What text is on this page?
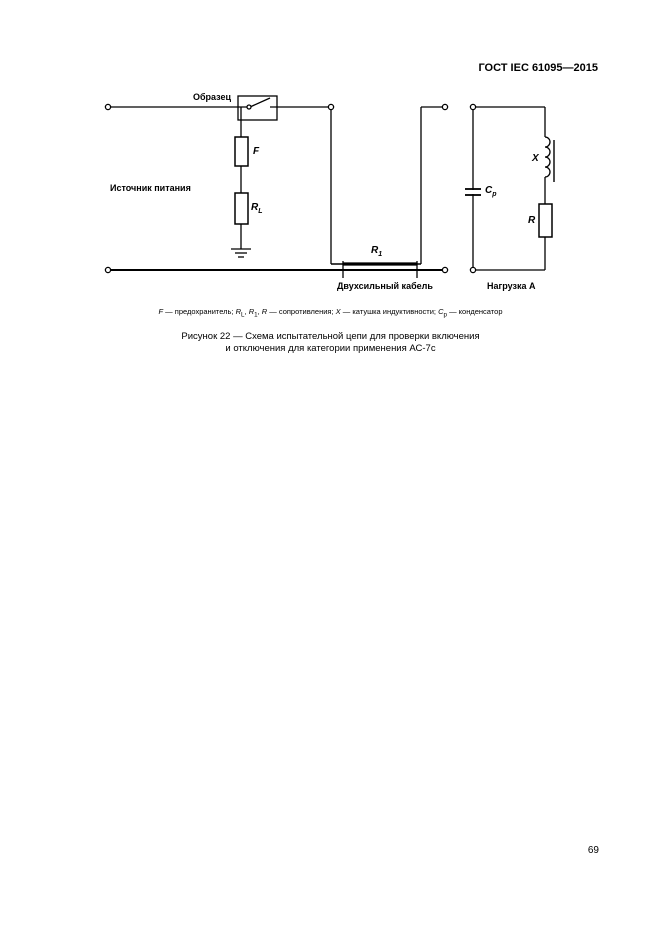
ГОСТ IEC 61095—2015
Образец
Источник питания
Двухсильный кабель	Нагрузка А
F
$R_L$
$R_1$
$C_p$
X
R
F — предохранитель; $R_L$, $R_1$, R — сопротивления; X — катушка индуктивности; $C_p$ — конденсатор
Рисунок 22 — Схема испытательной цепи для проверки включения
и отключения для категории применения АС-7с
69
